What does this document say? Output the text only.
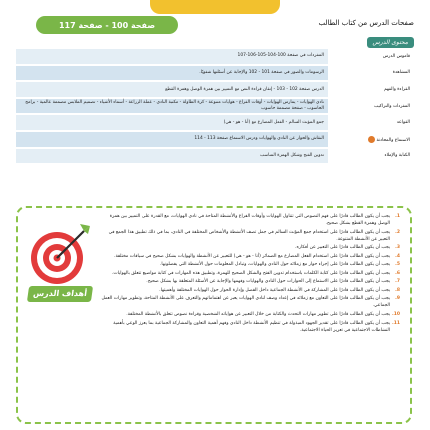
صفحات الدرس من كتاب الطالب
صفحة 100 - صفحة 117
محتوى الدرس
قاموس الدرس	المفردات في صفحة 100-104-105-106-107
المشاهدة	الرسومات والصور في صفحة 101 - 102 والإجابة عن أسئلتها شفويًا.
القراءة والفهم	الدرس صفحة 102 - 103 - إتقان قراءة النص مع التمييز بين همزة الوصل وهمزة القطع
المفردات والتراكيب	نادي الهوايات - يمارس الهوايات - أوقات الفراغ - هوايات متنوعة - كرة الطاولة - مكتبة النادي - عملة الزراعة - أسماء الأشياء - تصميم الملابس مصممة عالمية - برامج الحاسوب - صفحة مصممة حاسوب
القواعد	جمع المؤنث السالم - الفعل المضارع مع (أنا - هو - هي)
الاستماع والمحادثة	النقاش والحوار عن النادي والهوايات ودرس الاستماع صفحة 113 - 114
الكتابة والإملاء	تدوين الفتح وشكل الهمزة المناسب
1.
يجب أن يكون الطالب قادرًا على فهم النصوص التي تتناول الهوايات وأوقات الفراغ والأنشطة المتاحة في نادي الهوايات، مع القدرة على التمييز بين همزة الوصل وهمزة القطع بشكل صحيح.
2.
يجب أن يكون الطالب قادرًا على استخدام جمع المؤنث السالم في جمل تصف الأنشطة والأشخاص المختلفة في النادي، بما في ذلك تطبيق هذا الجمع في التعبير عن الأنشطة المتنوعة.
3.
يجب أن يكون الطالب قادرًا على التعبير عن أفكاره.
4.
يجب أن يكون الطالب قادرًا على استخدام الفعل المضارع مع الضمائر (أنا - هو - هي) للتعبير عن الأنشطة والهوايات بشكل صحيح في سياقات مختلفة.
5.
يجب أن يكون الطالب قادرًا على إجراء حوار مع زملائه حول النادي والهوايات، وتبادل المعلومات حول الأنشطة التي يفضلونها.
6.
يجب أن يكون الطالب قادرًا على كتابة الكلمات باستخدام تدوين الفتح والشكل الصحيح للهمزة، وتطبيق هذه المهارات في كتابة مواضيع تتعلق بالهوايات.
7.
يجب أن يكون الطالب قادرًا على الاستماع إلى الحوارات حول النادي والهوايات وفهمها والإجابة عن الأسئلة المتعلقة بها بشكل صحيح.
8.
يجب أن يكون الطالب قادرًا على المشاركة في الأنشطة الجماعية داخل الفصل وإدارة الحوار حول الهوايات المختلفة وأهميتها.
9.
يجب أن يكون الطالب قادرًا على التعاون مع زملائه في إعداد وصف لنادي الهوايات يعبر عن اهتماماتهم والتعرف على الأنشطة المتاحة، وتطوير مهارات العمل الجماعي.
10.
يجب أن يكون الطالب قادرًا على تطوير مهارات التحدث والكتابة من خلال التعبير عن هواياته الشخصية وقراءة نصوص تتعلق بالأنشطة المختلفة.
11.
يجب أن يكون الطالب قادرًا على تقدير الجهود المبذولة في تنظيم الأنشطة داخل النادي وفهم أهمية التعاون والمشاركة الجماعية بما يعزز الوعي بأهمية النشاطات الاجتماعية في تعزيز الحياة الاجتماعية.
أهداف الدرس
